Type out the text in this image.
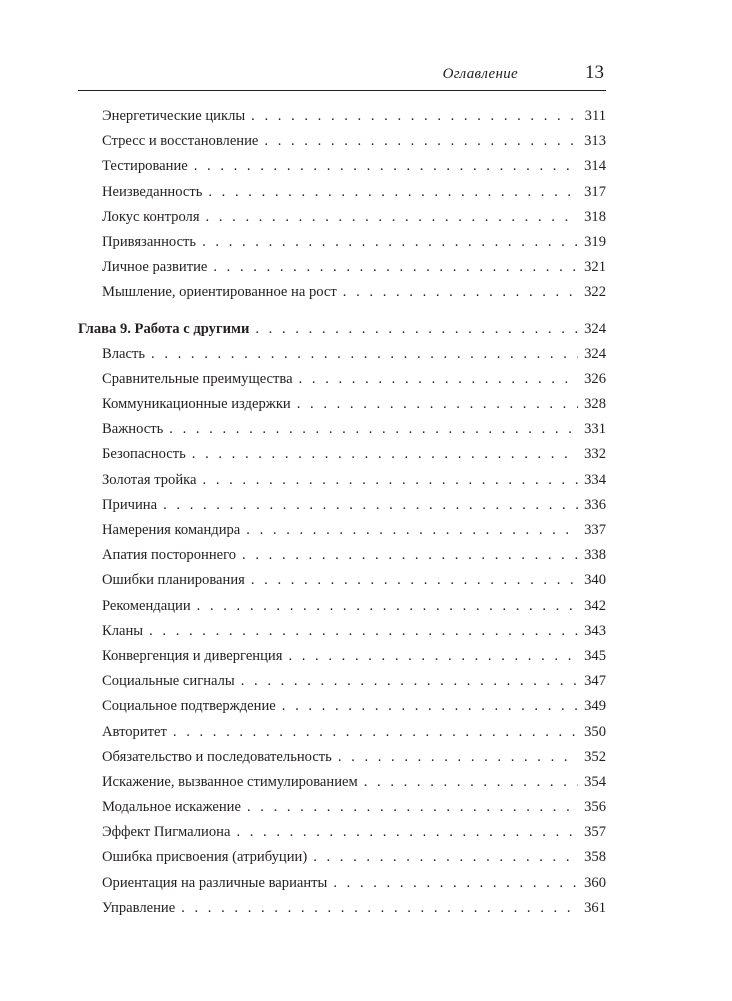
Оглавление	13
Энергетические циклы . . .	311
Стресс и восстановление . . .	313
Тестирование . . .	314
Неизведанность . . .	317
Локус контроля . . .	318
Привязанность . . .	319
Личное развитие . . .	321
Мышление, ориентированное на рост . . .	322
Глава 9. Работа с другими . . .	324
Власть . . .	324
Сравнительные преимущества . . .	326
Коммуникационные издержки . . .	328
Важность . . .	331
Безопасность . . .	332
Золотая тройка . . .	334
Причина . . .	336
Намерения командира . . .	337
Апатия постороннего . . .	338
Ошибки планирования . . .	340
Рекомендации . . .	342
Кланы . . .	343
Конвергенция и дивергенция . . .	345
Социальные сигналы . . .	347
Социальное подтверждение . . .	349
Авторитет . . .	350
Обязательство и последовательность . . .	352
Искажение, вызванное стимулированием . . .	354
Модальное искажение . . .	356
Эффект Пигмалиона . . .	357
Ошибка присвоения (атрибуции) . . .	358
Ориентация на различные варианты . . .	360
Управление . . .	361
